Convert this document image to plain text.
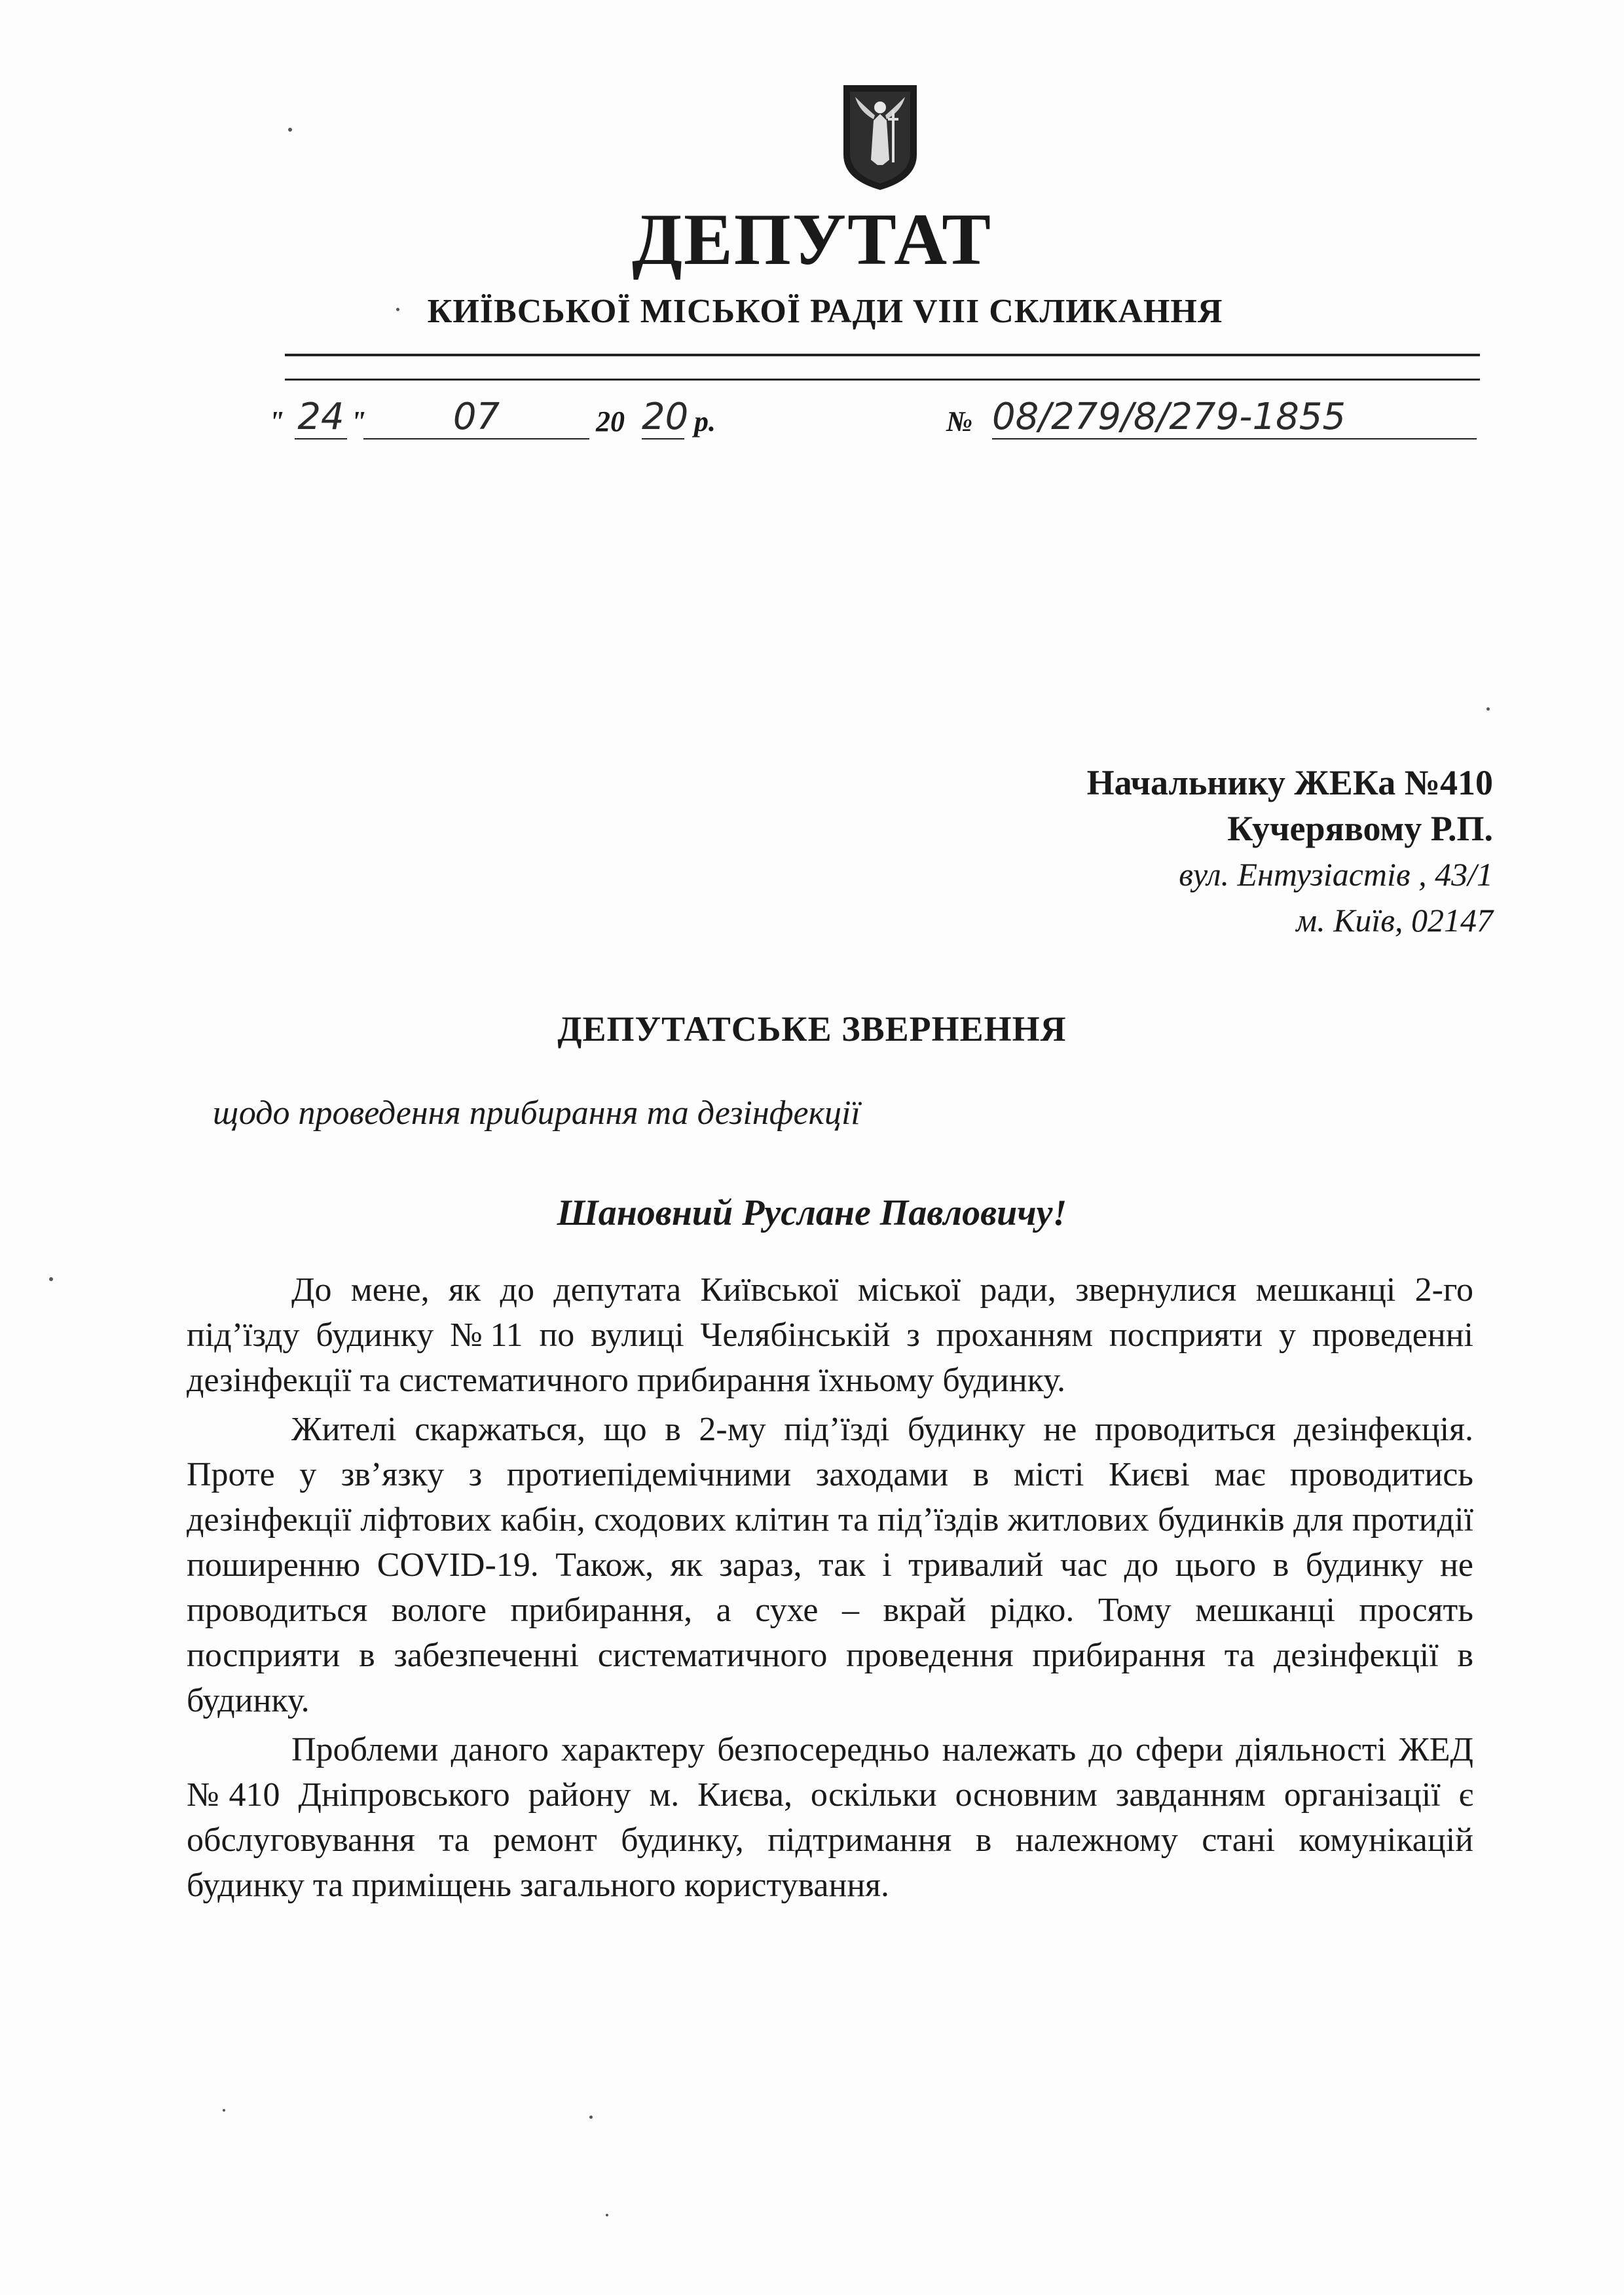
ДЕПУТАТ
КИЇВСЬКОЇ МІСЬКОЇ РАДИ VIII СКЛИКАННЯ
" 24 "	07	20 20 р.	№ 08/279/8/279-1855
Начальнику ЖЕКа №410
Кучерявому Р.П.
вул. Ентузіастів , 43/1
м. Київ, 02147
ДЕПУТАТСЬКЕ ЗВЕРНЕННЯ
щодо проведення прибирання та дезінфекції
Шановний Руслане Павловичу!

До мене, як до депутата Київської міської ради, звернулися мешканці 2-го під’їзду будинку №11 по вулиці Челябінській з проханням посприяти у проведенні дезінфекції та систематичного прибирання їхньому будинку.

Жителі скаржаться, що в 2-му під’їзді будинку не проводиться дезінфекція. Проте у зв’язку з протиепідемічними заходами в місті Києві має проводитись дезінфекції ліфтових кабін, сходових клітин та під’їздів житлових будинків для протидії поширенню COVID-19. Також, як зараз, так і тривалий час до цього в будинку не проводиться вологе прибирання, а сухе – вкрай рідко. Тому мешканці просять посприяти в забезпеченні систематичного проведення прибирання та дезінфекції в будинку.

Проблеми даного характеру безпосередньо належать до сфери діяльності ЖЕД №410 Дніпровського району м. Києва, оскільки основним завданням організації є обслуговування та ремонт будинку, підтримання в належному стані комунікацій будинку та приміщень загального користування.
